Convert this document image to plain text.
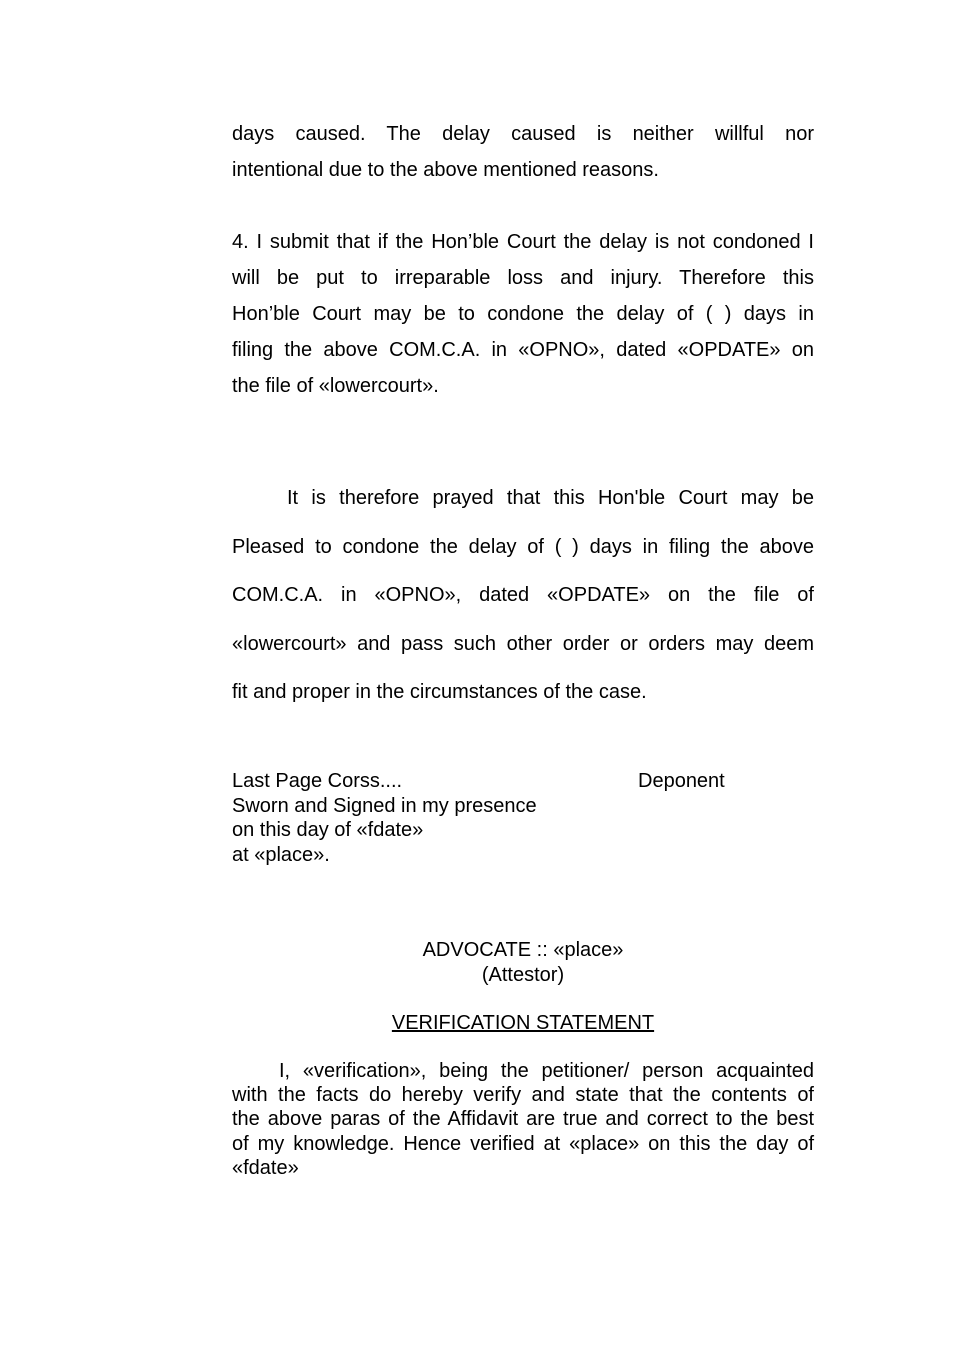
days caused. The delay caused is neither willful nor
intentional due to the above mentioned reasons.
4. I submit that if the Hon’ble Court the delay is not condoned I
will be put to irreparable loss and injury. Therefore this
Hon’ble Court may be to condone the delay of ( ) days in
filing the above COM.C.A. in «OPNO», dated «OPDATE» on
the file of «lowercourt».
It is therefore prayed that this Hon'ble Court may be
Pleased to condone the delay of ( ) days in filing the above
COM.C.A. in «OPNO», dated «OPDATE» on the file of
«lowercourt» and pass such other order or orders may deem
fit and proper in the circumstances of the case.
Last Page Corss....
Sworn and Signed in my presence
on this day of «fdate»
at «place».
Deponent
ADVOCATE :: «place»
(Attestor)
VERIFICATION STATEMENT
I, «verification», being the petitioner/ person acquainted
with the facts do hereby verify and state that the contents of
the above paras of the Affidavit are true and correct to the best
of my knowledge. Hence verified at «place» on this the day of
«fdate»
